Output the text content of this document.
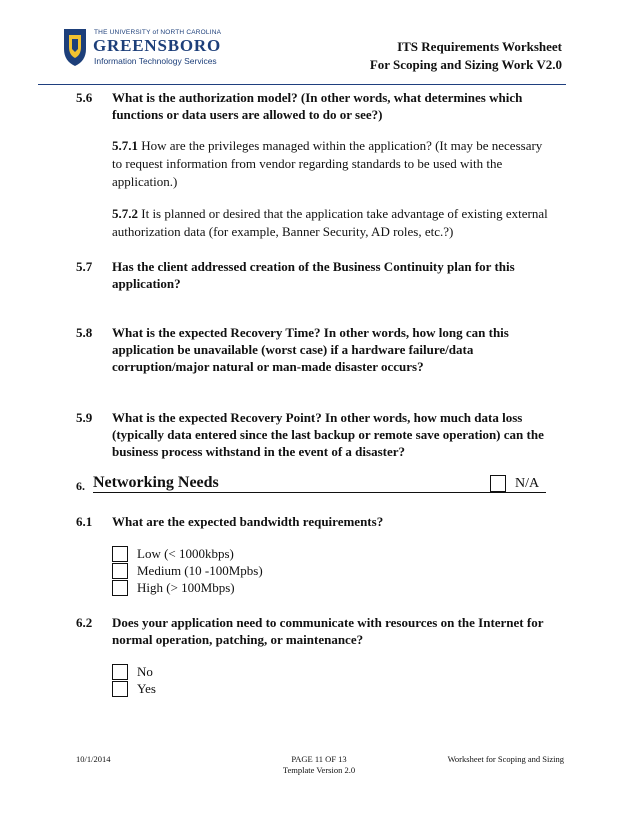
THE UNIVERSITY of NORTH CAROLINA
GREENSBORO
Information Technology Services
ITS Requirements Worksheet
For Scoping and Sizing Work V2.0
5.6 What is the authorization model? (In other words, what determines which functions or data users are allowed to do or see?)
5.7.1 How are the privileges managed within the application? (It may be necessary to request information from vendor regarding standards to be used with the application.)
5.7.2 It is planned or desired that the application take advantage of existing external authorization data (for example, Banner Security, AD roles, etc.?)
5.7 Has the client addressed creation of the Business Continuity plan for this application?
5.8 What is the expected Recovery Time? In other words, how long can this application be unavailable (worst case) if a hardware failure/data corruption/major natural or man-made disaster occurs?
5.9 What is the expected Recovery Point? In other words, how much data loss (typically data entered since the last backup or remote save operation) can the business process withstand in the event of a disaster?
6. Networking Needs	N/A
6.1 What are the expected bandwidth requirements?
Low (< 1000kbps)
Medium (10 -100Mpbs)
High (> 100Mbps)
6.2 Does your application need to communicate with resources on the Internet for normal operation, patching, or maintenance?
No
Yes
10/1/2014	PAGE 11 OF 13
Template Version 2.0
Worksheet for Scoping and Sizing
